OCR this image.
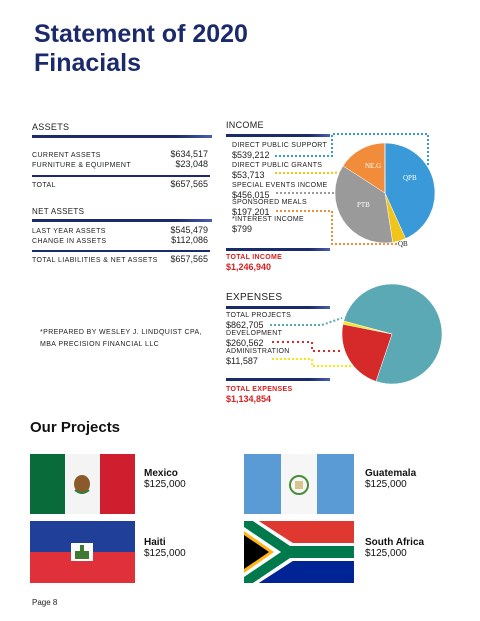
Statement of 2020
Finacials
ASSETS
CURRENT ASSETS	$634,517
FURNITURE & EQUIPMENT	$23,048
TOTAL	$657,565
NET ASSETS
LAST YEAR ASSETS	$545,479
CHANGE IN ASSETS	$112,086
TOTAL LIABILITIES & NET ASSETS	$657,565
*PREPARED BY WESLEY J. LINDQUIST CPA,
MBA PRECISION FINANCIAL LLC
INCOME
DIRECT PUBLIC SUPPORT
$539,212
DIRECT PUBLIC GRANTS
$53,713
SPECIAL EVENTS INCOME
$456,015
SPONSORED MEALS
$197,201
*INTEREST INCOME
$799
TOTAL INCOME
$1,246,940
QPB
NE.G
PTB
QB
EXPENSES
TOTAL PROJECTS
$862,705
DEVELOPMENT
$260,562
ADMINISTRATION
$11,587
TOTAL EXPENSES
$1,134,854
Our Projects
Mexico
$125,000
Guatemala
$125,000
Haiti
$125,000
South Africa
$125,000
Page 8
